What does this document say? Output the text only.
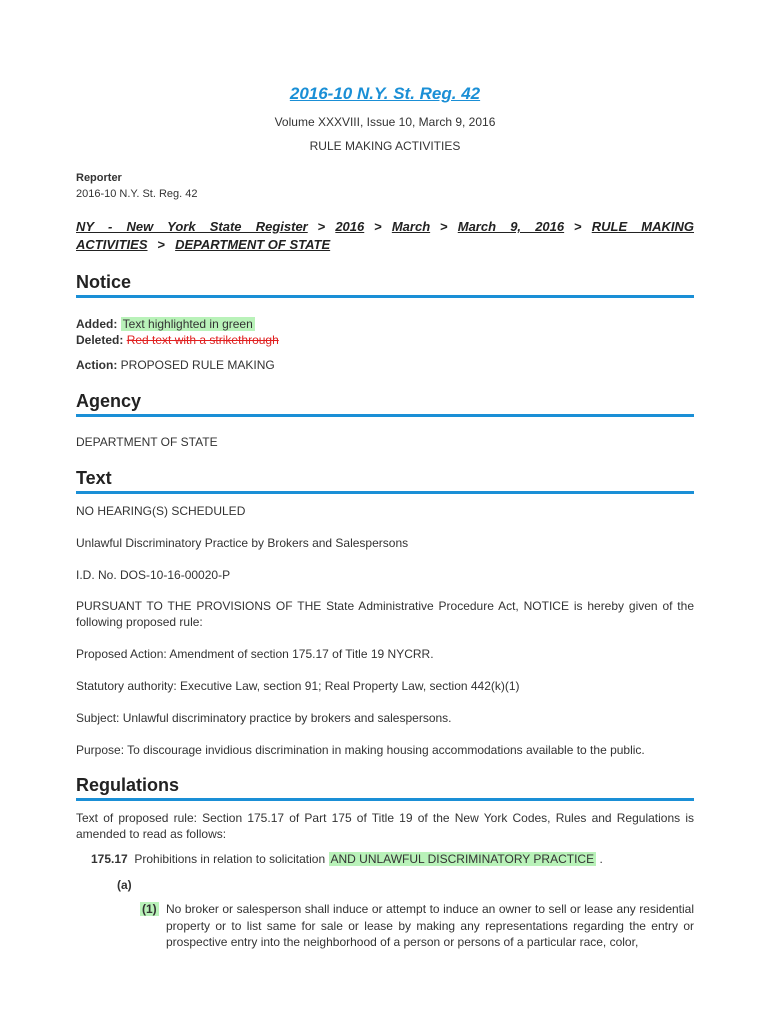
2016-10 N.Y. St. Reg. 42
Volume XXXVIII, Issue 10, March 9, 2016
RULE MAKING ACTIVITIES
Reporter
2016-10 N.Y. St. Reg. 42
NY - New York State Register > 2016 > March > March 9, 2016 > RULE MAKING ACTIVITIES > DEPARTMENT OF STATE
Notice
Added: Text highlighted in green
Deleted: Red text with a strikethrough
Action: PROPOSED RULE MAKING
Agency
DEPARTMENT OF STATE
Text
NO HEARING(S) SCHEDULED
Unlawful Discriminatory Practice by Brokers and Salespersons
I.D. No. DOS-10-16-00020-P
PURSUANT TO THE PROVISIONS OF THE State Administrative Procedure Act, NOTICE is hereby given of the following proposed rule:
Proposed Action: Amendment of section 175.17 of Title 19 NYCRR.
Statutory authority: Executive Law, section 91; Real Property Law, section 442(k)(1)
Subject: Unlawful discriminatory practice by brokers and salespersons.
Purpose: To discourage invidious discrimination in making housing accommodations available to the public.
Regulations
Text of proposed rule: Section 175.17 of Part 175 of Title 19 of the New York Codes, Rules and Regulations is amended to read as follows:
175.17 Prohibitions in relation to solicitation AND UNLAWFUL DISCRIMINATORY PRACTICE .
(a)
(1) No broker or salesperson shall induce or attempt to induce an owner to sell or lease any residential property or to list same for sale or lease by making any representations regarding the entry or prospective entry into the neighborhood of a person or persons of a particular race, color,
